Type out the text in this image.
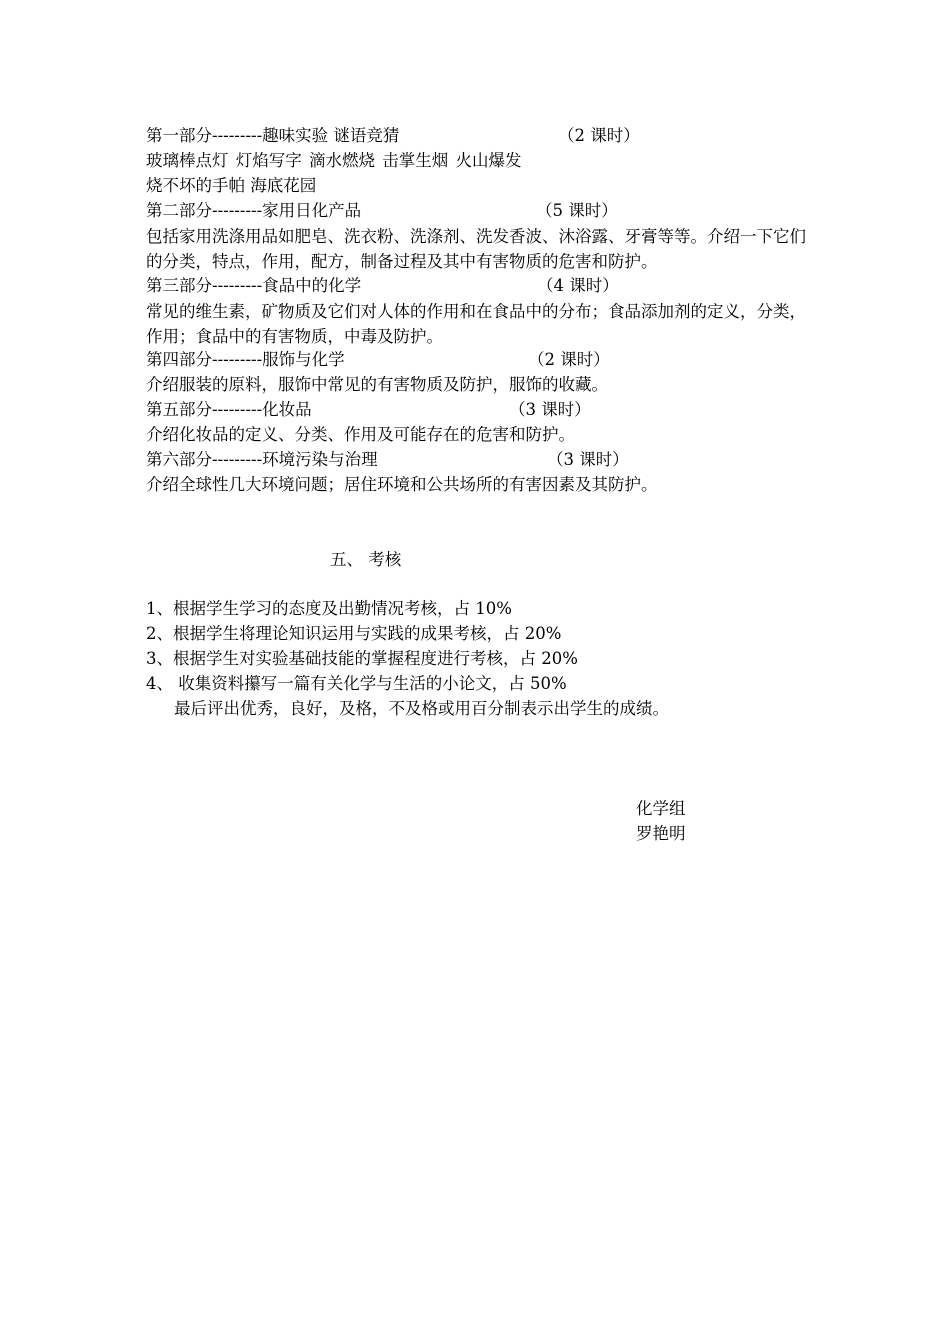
第一部分---------趣味实验 谜语竞猜	（2 课时）
玻璃棒点灯 灯焰写字 滴水燃烧 击掌生烟 火山爆发
烧不坏的手帕 海底花园
第二部分---------家用日化产品	（5 课时）
包括家用洗涤用品如肥皂、洗衣粉、洗涤剂、洗发香波、沐浴露、牙膏等等。介绍一下它们的分类，特点，作用，配方，制备过程及其中有害物质的危害和防护。
第三部分---------食品中的化学	（4 课时）
常见的维生素，矿物质及它们对人体的作用和在食品中的分布；食品添加剂的定义，分类，作用；食品中的有害物质，中毒及防护。
第四部分---------服饰与化学	（2 课时）
介绍服装的原料，服饰中常见的有害物质及防护，服饰的收藏。
第五部分---------化妆品	（3 课时）
介绍化妆品的定义、分类、作用及可能存在的危害和防护。
第六部分---------环境污染与治理	（3 课时）
介绍全球性几大环境问题；居住环境和公共场所的有害因素及其防护。
五、 考核
1、根据学生学习的态度及出勤情况考核，占 10%
2、根据学生将理论知识运用与实践的成果考核，占 20%
3、根据学生对实验基础技能的掌握程度进行考核，占 20%
4、 收集资料攥写一篇有关化学与生活的小论文，占 50%
最后评出优秀，良好，及格，不及格或用百分制表示出学生的成绩。
化学组
罗艳明
